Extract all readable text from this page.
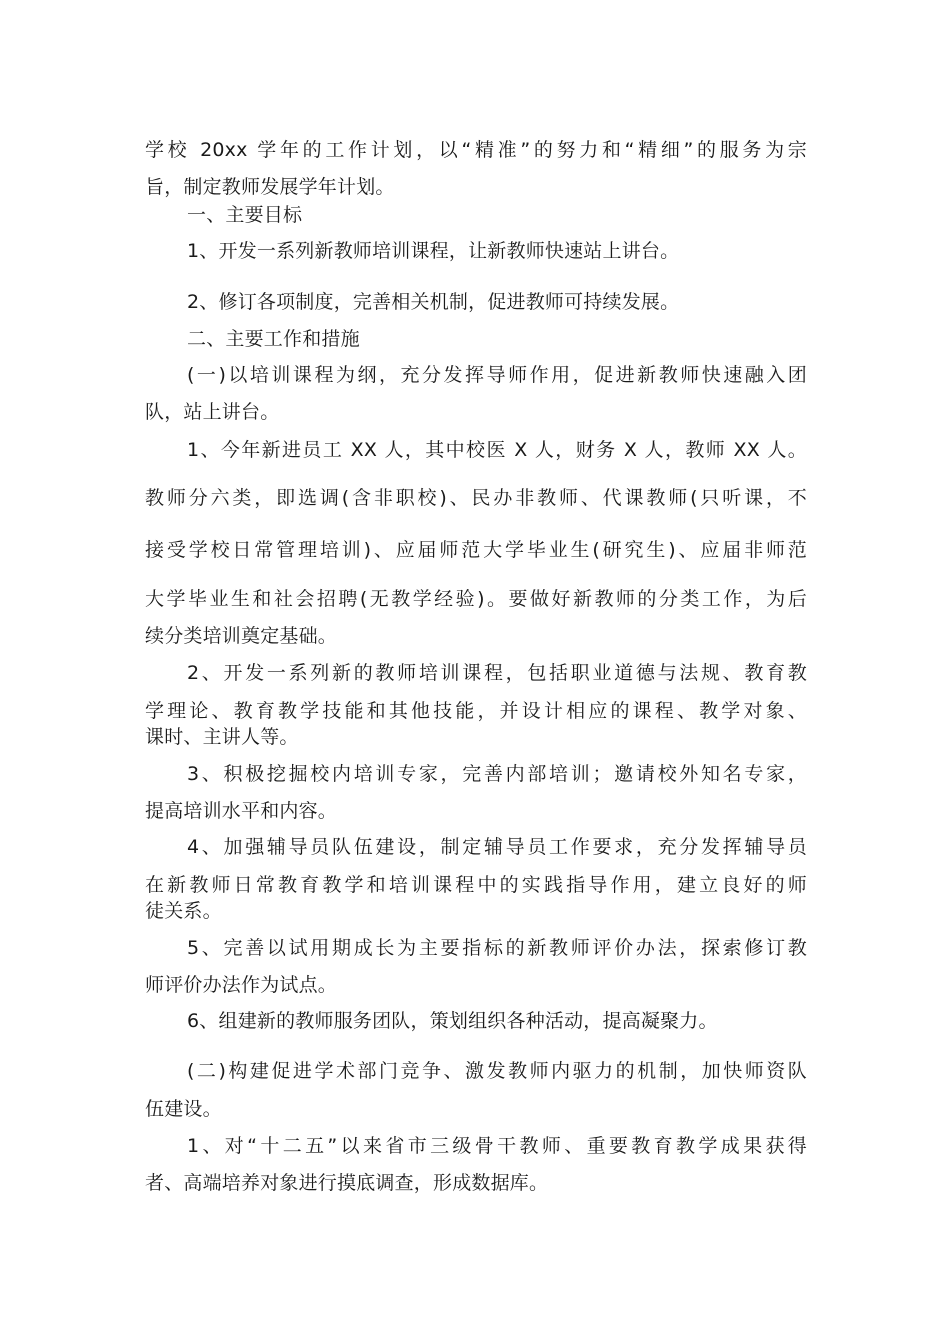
学校 20xx 学年的工作计划，以“精准”的努力和“精细”的服务为宗
旨，制定教师发展学年计划。
一、主要目标
1、开发一系列新教师培训课程，让新教师快速站上讲台。
2、修订各项制度，完善相关机制，促进教师可持续发展。
二、主要工作和措施
(一)以培训课程为纲，充分发挥导师作用，促进新教师快速融入团
队，站上讲台。
1、今年新进员工 XX 人，其中校医 X 人，财务 X 人，教师 XX 人。
教师分六类，即选调(含非职校)、民办非教师、代课教师(只听课，不
接受学校日常管理培训)、应届师范大学毕业生(研究生)、应届非师范
大学毕业生和社会招聘(无教学经验)。要做好新教师的分类工作，为后
续分类培训奠定基础。
2、开发一系列新的教师培训课程，包括职业道德与法规、教育教
学理论、教育教学技能和其他技能，并设计相应的课程、教学对象、
课时、主讲人等。
3、积极挖掘校内培训专家，完善内部培训；邀请校外知名专家，
提高培训水平和内容。
4、加强辅导员队伍建设，制定辅导员工作要求，充分发挥辅导员
在新教师日常教育教学和培训课程中的实践指导作用，建立良好的师
徒关系。
5、完善以试用期成长为主要指标的新教师评价办法，探索修订教
师评价办法作为试点。
6、组建新的教师服务团队，策划组织各种活动，提高凝聚力。
(二)构建促进学术部门竞争、激发教师内驱力的机制，加快师资队
伍建设。
1、对“十二五”以来省市三级骨干教师、重要教育教学成果获得
者、高端培养对象进行摸底调查，形成数据库。
